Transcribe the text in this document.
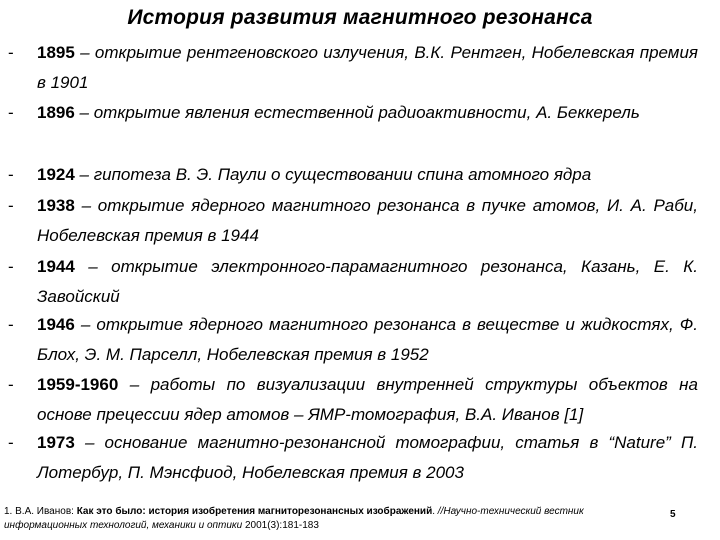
История развития магнитного резонанса
- 1895 – открытие рентгеновского излучения, В.К. Рентген, Нобелевская премия в 1901
- 1896 – открытие явления естественной радиоактивности, А. Беккерель
- 1924 – гипотеза В. Э. Паули о существовании спина атомного ядра
- 1938 – открытие ядерного магнитного резонанса в пучке атомов, И. А. Раби, Нобелевская премия в 1944
- 1944 – открытие электронного-парамагнитного резонанса, Казань, Е. К. Завойский
- 1946 – открытие ядерного магнитного резонанса в веществе и жидкостях, Ф. Блох, Э. М. Парселл, Нобелевская премия в 1952
- 1959-1960 – работы по визуализации внутренней структуры объектов на основе прецессии ядер атомов – ЯМР-томография, В.А. Иванов [1]
- 1973 – основание магнитно-резонансной томографии, статья в “Nature” П. Лотербур, П. Мэнсфиод, Нобелевская премия в 2003
1. В.А. Иванов: Как это было: история изобретения магниторезонансных изображений. //Научно-технический вестник информационных технологий, механики и оптики 2001(3):181-183
5
